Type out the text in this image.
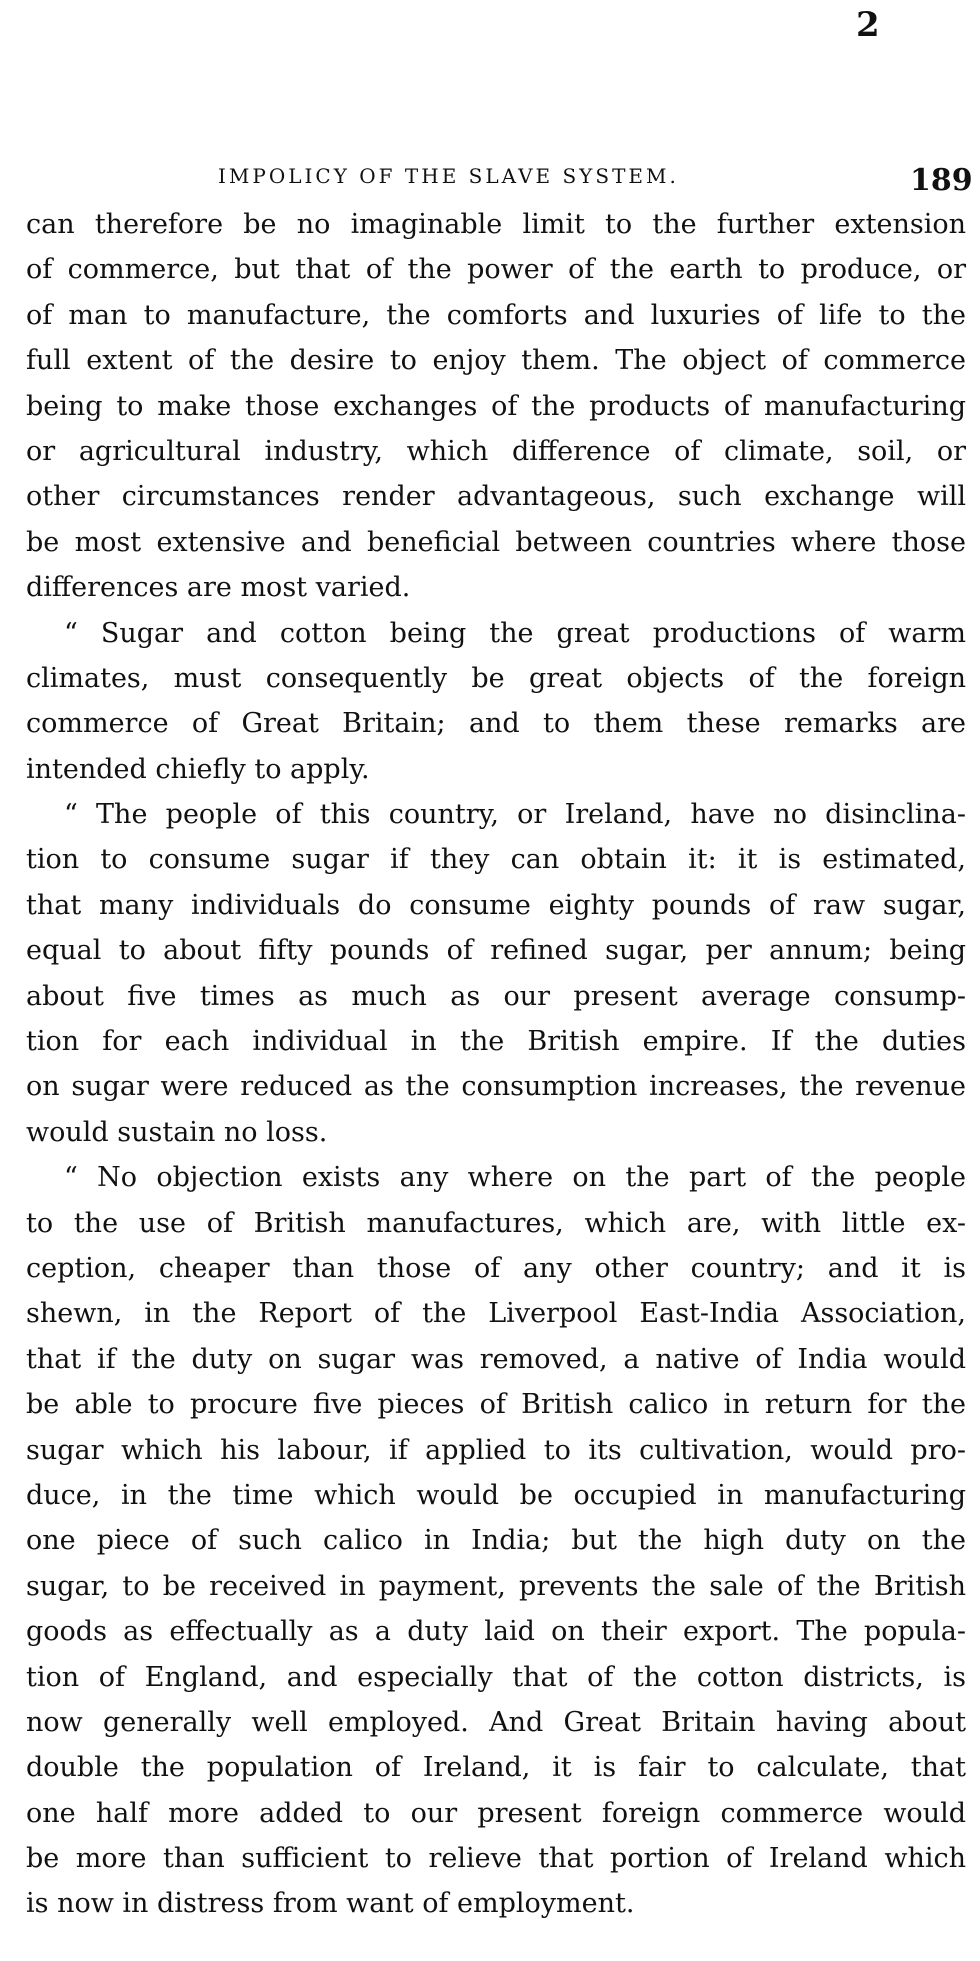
2
IMPOLICY OF THE SLAVE SYSTEM.	189
can therefore be no imaginable limit to the further extension
of commerce, but that of the power of the earth to produce, or
of man to manufacture, the comforts and luxuries of life to the
full extent of the desire to enjoy them. The object of commerce
being to make those exchanges of the products of manufacturing
or agricultural industry, which difference of climate, soil, or
other circumstances render advantageous, such exchange will
be most extensive and beneficial between countries where those
differences are most varied.
“ Sugar and cotton being the great productions of warm
climates, must consequently be great objects of the foreign
commerce of Great Britain; and to them these remarks are
intended chiefly to apply.
“ The people of this country, or Ireland, have no disinclina-
tion to consume sugar if they can obtain it: it is estimated,
that many individuals do consume eighty pounds of raw sugar,
equal to about fifty pounds of refined sugar, per annum; being
about five times as much as our present average consump-
tion for each individual in the British empire. If the duties
on sugar were reduced as the consumption increases, the revenue
would sustain no loss.
“ No objection exists any where on the part of the people
to the use of British manufactures, which are, with little ex-
ception, cheaper than those of any other country; and it is
shewn, in the Report of the Liverpool East-India Association,
that if the duty on sugar was removed, a native of India would
be able to procure five pieces of British calico in return for the
sugar which his labour, if applied to its cultivation, would pro-
duce, in the time which would be occupied in manufacturing
one piece of such calico in India; but the high duty on the
sugar, to be received in payment, prevents the sale of the British
goods as effectually as a duty laid on their export. The popula-
tion of England, and especially that of the cotton districts, is
now generally well employed. And Great Britain having about
double the population of Ireland, it is fair to calculate, that
one half more added to our present foreign commerce would
be more than sufficient to relieve that portion of Ireland which
is now in distress from want of employment.
